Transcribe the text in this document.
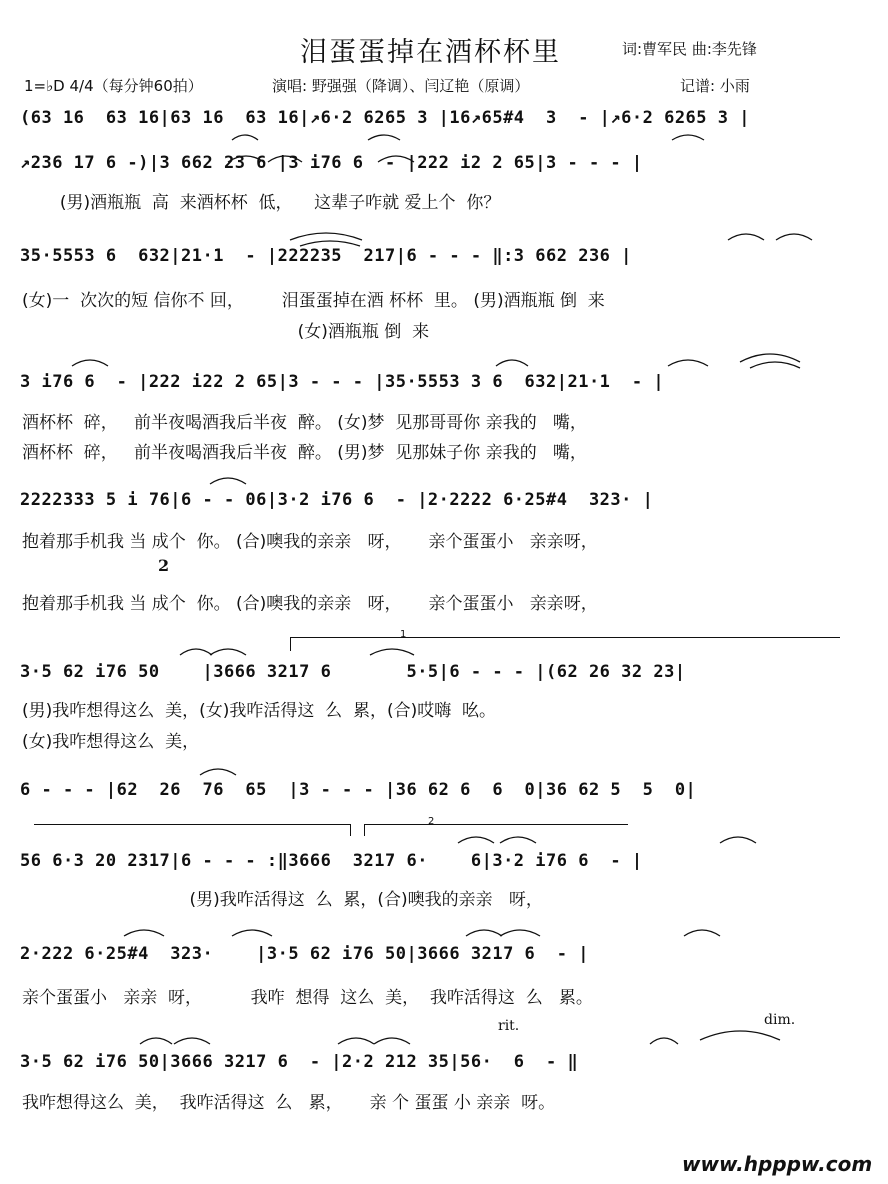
泪蛋蛋掉在酒杯杯里	词:曹军民 曲:李先锋
1=♭D 4/4（每分钟60拍）	演唱: 野强强（降调）、闫辽艳（原调）	记谱: 小雨
(63 16  63 16|63 16  63 16|↗6·2 6265 3 |16↗65#4  3  - |↗6·2 6265 3 |
↗236 17 6 -)|3 662 23 6 |3 i76 6  - |222 i2 2 65|3 - - - |
(男)酒瓶瓶  高  来酒杯杯  低，    这辈子咋就 爱上个  你？
35·5553 6  632|21·1  - |222235  217|6 - - - ‖:3 662 236 |
(女)一  次次的短 信你不 回，       泪蛋蛋掉在酒 杯杯  里。 (男)酒瓶瓶 倒  来
(女)酒瓶瓶 倒  来
3 i76 6  - |222 i22 2 65|3 - - - |35·5553 3 6  632|21·1  - |
酒杯杯  碎，   前半夜喝酒我后半夜  醉。 (女)梦  见那哥哥你 亲我的   嘴，
酒杯杯  碎，   前半夜喝酒我后半夜  醉。 (男)梦  见那妹子你 亲我的   嘴，
2222333 5 i 76|6 - - 06|3·2 i76 6  - |2·2222 6·25#4  323· |
抱着那手机我 当 成个  你。 (合)噢我的亲亲   呀，     亲个蛋蛋小   亲亲呀，
2
抱着那手机我 当 成个  你。 (合)噢我的亲亲   呀，     亲个蛋蛋小   亲亲呀，
1
3·5 62 i76 50    |3666 3217 6       5·5|6 - - - |(62 26 32 23|
(男)我咋想得这么  美，(女)我咋活得这  么  累，(合)哎嗨  吆。
(女)我咋想得这么  美，
6 - - - |62  26  76  65  |3 - - - |36 62 6  6  0|36 62 5  5  0|
2
56 6·3 20 2317|6 - - - :‖3666  3217 6·    6|3·2 i76 6  - |
(男)我咋活得这  么  累，(合)噢我的亲亲   呀，
2·222 6·25#4  323·    |3·5 62 i76 50|3666 3217 6  - |
亲个蛋蛋小   亲亲  呀，         我咋  想得  这么  美，  我咋活得这  么   累。
rit.	dim.
3·5 62 i76 50|3666 3217 6  - |2·2 212 35|56·  6  - ‖
我咋想得这么  美，  我咋活得这  么   累，     亲 个 蛋蛋 小 亲亲  呀。
www.hpppw.com
